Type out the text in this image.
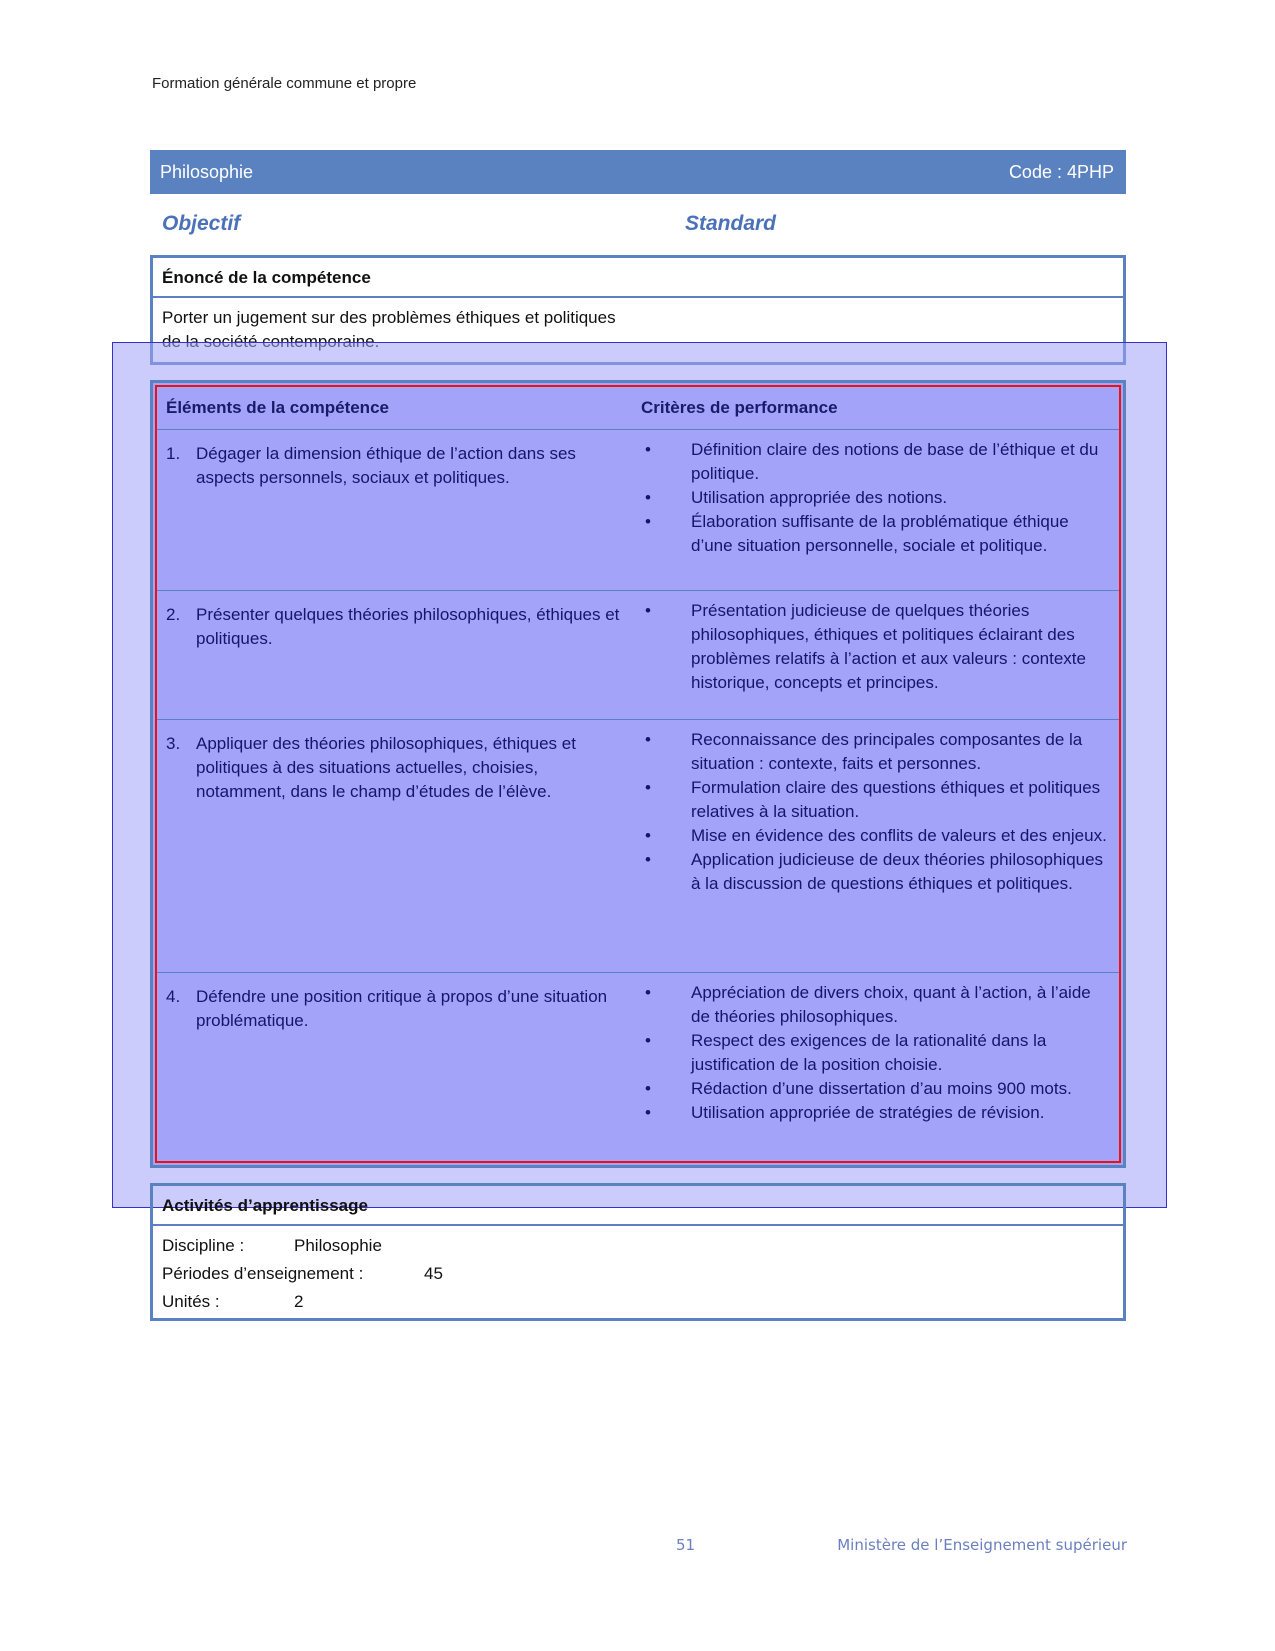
Formation générale commune et propre
Philosophie	Code : 4PHP
Objectif	Standard
Énoncé de la compétence
Porter un jugement sur des problèmes éthiques et politiques
Éléments de la compétence	Critères de performance
1. Dégager la dimension éthique de l’action dans ses aspects personnels, sociaux et politiques.
•	Définition claire des notions de base de l’éthique et du politique.
•	Utilisation appropriée des notions.
•	Élaboration suffisante de la problématique éthique d’une situation personnelle, sociale et politique.
2. Présenter quelques théories philosophiques, éthiques et politiques.
•	Présentation judicieuse de quelques théories philosophiques, éthiques et politiques éclairant des problèmes relatifs à l’action et aux valeurs : contexte historique, concepts et principes.
3. Appliquer des théories philosophiques, éthiques et politiques à des situations actuelles, choisies, notamment, dans le champ d’études de l’élève.
•	Reconnaissance des principales composantes de la situation : contexte, faits et personnes.
•	Formulation claire des questions éthiques et politiques relatives à la situation.
•	Mise en évidence des conflits de valeurs et des enjeux.
•	Application judicieuse de deux théories philosophiques à la discussion de questions éthiques et politiques.
4. Défendre une position critique à propos d’une situation problématique.
•	Appréciation de divers choix, quant à l’action, à l’aide de théories philosophiques.
•	Respect des exigences de la rationalité dans la justification de la position choisie.
•	Rédaction d’une dissertation d’au moins 900 mots.
•	Utilisation appropriée de stratégies de révision.
Activités d’apprentissage
Discipline :	Philosophie
Périodes d’enseignement :	45
Unités :	2
51	Ministère de l’Enseignement supérieur
